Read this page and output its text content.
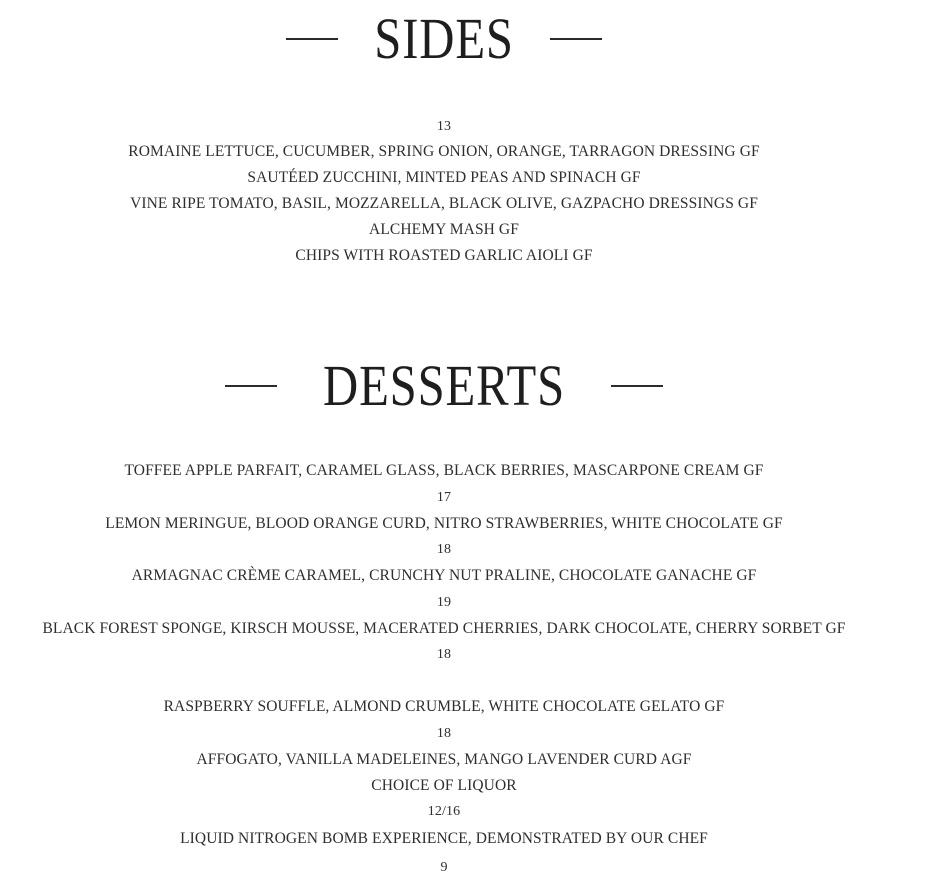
SIDES
13
ROMAINE LETTUCE, CUCUMBER, SPRING ONION, ORANGE, TARRAGON DRESSING GF
SAUTÉED ZUCCHINI, MINTED PEAS AND SPINACH GF
VINE RIPE TOMATO, BASIL, MOZZARELLA, BLACK OLIVE, GAZPACHO DRESSINGS GF
ALCHEMY MASH GF
CHIPS WITH ROASTED GARLIC AIOLI GF
DESSERTS
TOFFEE APPLE PARFAIT, CARAMEL GLASS, BLACK BERRIES, MASCARPONE CREAM GF
17
LEMON MERINGUE, BLOOD ORANGE CURD, NITRO STRAWBERRIES, WHITE CHOCOLATE GF
18
ARMAGNAC CRÈME CARAMEL, CRUNCHY NUT PRALINE, CHOCOLATE GANACHE GF
19
BLACK FOREST SPONGE, KIRSCH MOUSSE, MACERATED CHERRIES, DARK CHOCOLATE, CHERRY SORBET GF
18
RASPBERRY SOUFFLE, ALMOND CRUMBLE, WHITE CHOCOLATE GELATO GF
18
AFFOGATO, VANILLA MADELEINES, MANGO LAVENDER CURD AGF
CHOICE OF LIQUOR
12/16
LIQUID NITROGEN BOMB EXPERIENCE, DEMONSTRATED BY OUR CHEF
9
